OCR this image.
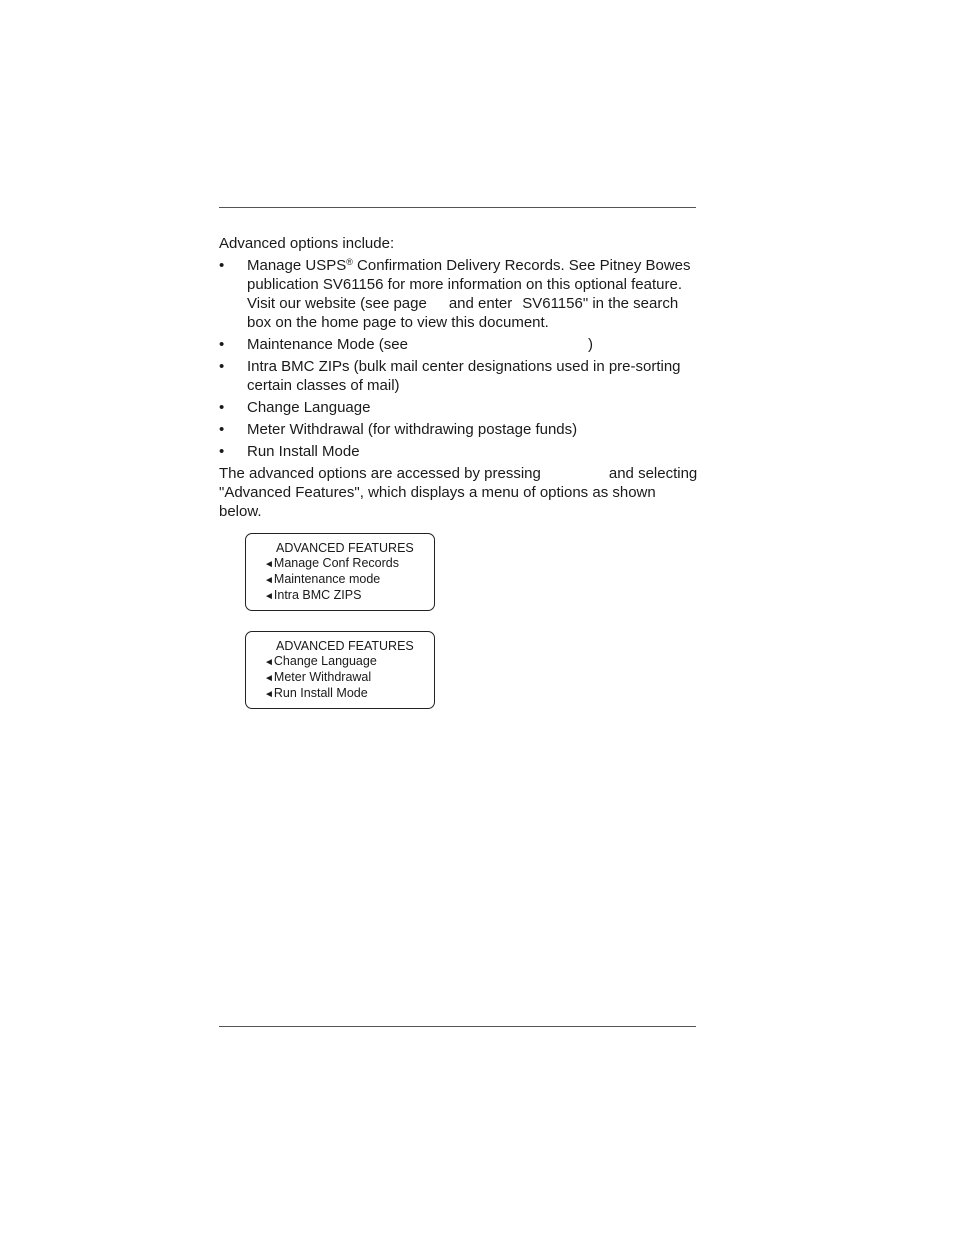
Advanced options include:

• Manage USPS® Confirmation Delivery Records. See Pitney Bowes publication SV61156 for more information on this optional feature. Visit our website (see page and enter SV61156" in the search box on the home page to view this document.
• Maintenance Mode (see	)
• Intra BMC ZIPs (bulk mail center designations used in pre-sorting certain classes of mail)
• Change Language
• Meter Withdrawal (for withdrawing postage funds)
• Run Install Mode

The advanced options are accessed by pressing	and selecting "Advanced Features", which displays a menu of options as shown below.

ADVANCED FEATURES
◄Manage Conf Records
◄Maintenance mode
◄Intra BMC ZIPS
ADVANCED FEATURES
◄Change Language
◄Meter Withdrawal
◄Run Install Mode
